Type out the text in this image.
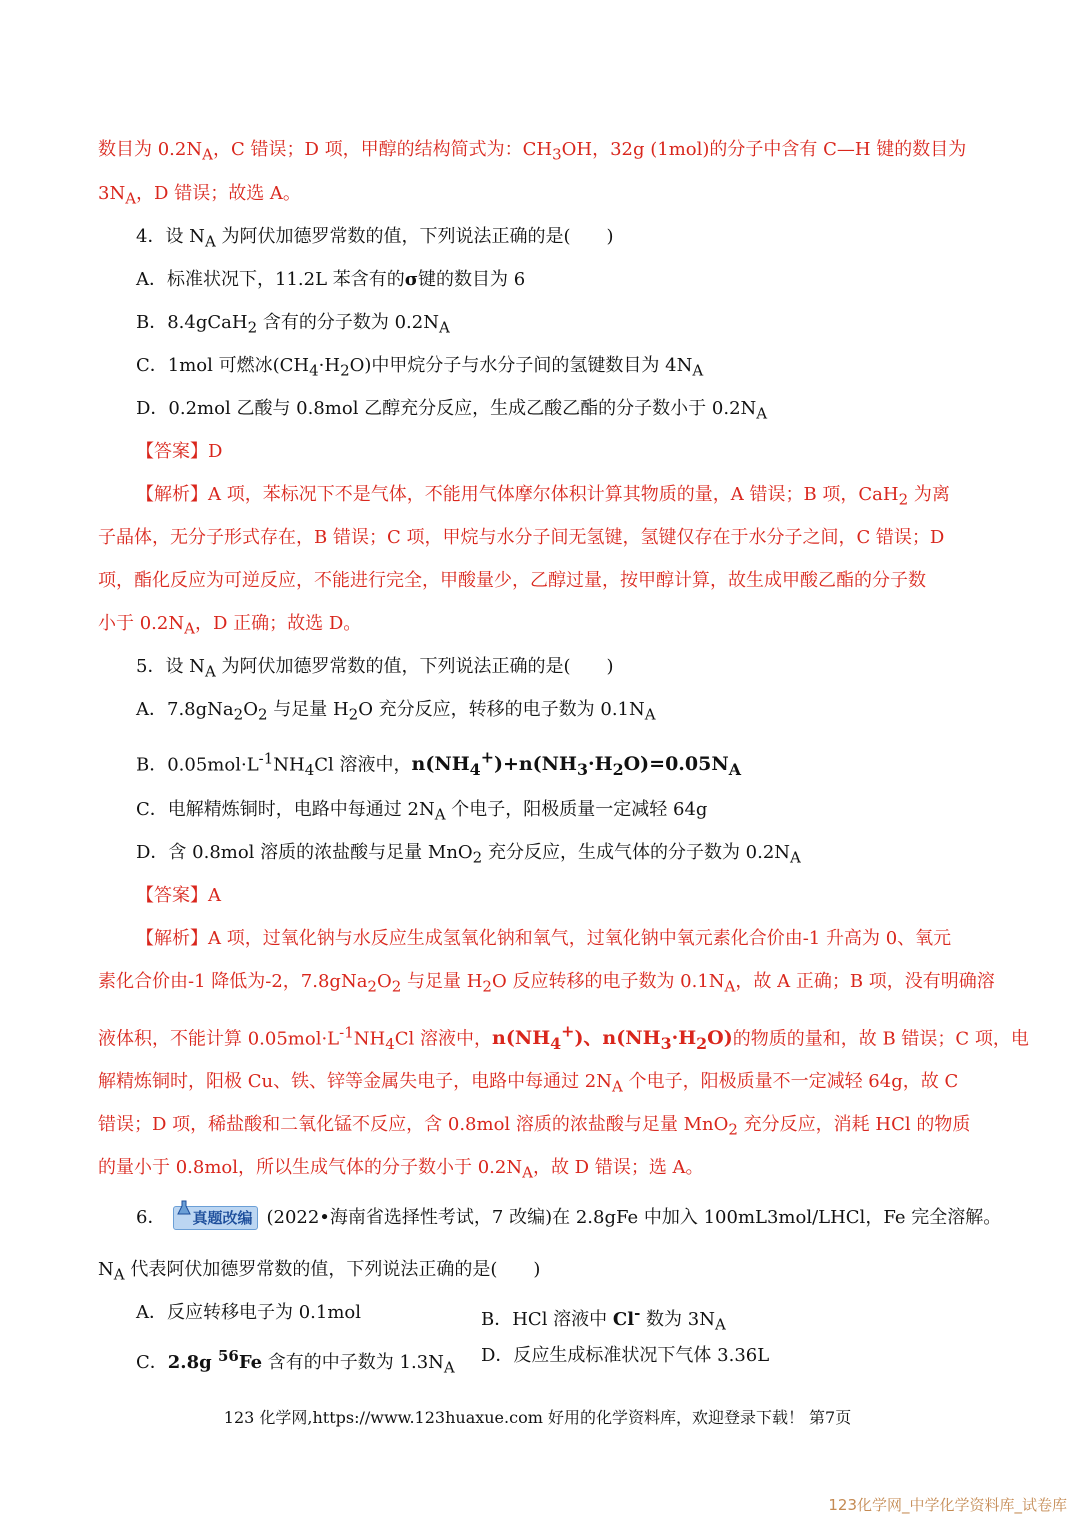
数目为 $0.2N_A$，C 错误；D 项，甲醇的结构简式为：$CH_3OH$，32g (1mol)的分子中含有 C—H 键的数目为
$3N_A$，D 错误；故选 A。
4．设 $N_A$ 为阿伏加德罗常数的值，下列说法正确的是(　　)
A．标准状况下，11.2L 苯含有的σ键的数目为 6
B．8.4gCaH$_2$ 含有的分子数为 $0.2N_A$
C．1mol 可燃冰$(CH_4\cdot H_2O)$中甲烷分子与水分子间的氢键数目为 $4N_A$
D．0.2mol 乙酸与 0.8mol 乙醇充分反应，生成乙酸乙酯的分子数小于 $0.2N_A$
【答案】D
【解析】A 项，苯标况下不是气体，不能用气体摩尔体积计算其物质的量，A 错误；B 项，CaH$_2$ 为离
子晶体，无分子形式存在，B 错误；C 项，甲烷与水分子间无氢键，氢键仅存在于水分子之间，C 错误；D
项，酯化反应为可逆反应，不能进行完全，甲酸量少，乙醇过量，按甲醇计算，故生成甲酸乙酯的分子数
小于 $0.2N_A$，D 正确；故选 D。
5．设 $N_A$ 为阿伏加德罗常数的值，下列说法正确的是(　　)
A．$7.8gNa_2O_2$ 与足量 $H_2O$ 充分反应，转移的电子数为 $0.1N_A$
B．$0.05mol\cdot L^{-1}NH_4Cl$ 溶液中，$n(NH_4^+)+n(NH_3\cdot H_2O)=0.05N_A$
C．电解精炼铜时，电路中每通过 $2N_A$ 个电子，阳极质量一定减轻 64g
D．含 0.8mol 溶质的浓盐酸与足量 MnO$_2$ 充分反应，生成气体的分子数为 $0.2N_A$
【答案】A
【解析】A 项，过氧化钠与水反应生成氢氧化钠和氧气，过氧化钠中氧元素化合价由-1 升高为 0、氧元
素化合价由-1 降低为-2，$7.8gNa_2O_2$ 与足量 $H_2O$ 反应转移的电子数为 $0.1N_A$，故 A 正确；B 项，没有明确溶
液体积，不能计算 $0.05mol\cdot L^{-1}NH_4Cl$ 溶液中，$n(NH_4^+)$、$n(NH_3\cdot H_2O)$的物质的量和，故 B 错误；C 项，电
解精炼铜时，阳极 Cu、铁、锌等金属失电子，电路中每通过 $2N_A$ 个电子，阳极质量不一定减轻 64g，故 C
错误；D 项，稀盐酸和二氧化锰不反应，含 0.8mol 溶质的浓盐酸与足量 MnO$_2$ 充分反应，消耗 HCl 的物质
的量小于 0.8mol，所以生成气体的分子数小于 $0.2N_A$，故 D 错误；选 A。
6． 真题改编 (2022•海南省选择性考试，7 改编)在 2.8gFe 中加入 100mL3mol/LHCl，Fe 完全溶解。
$N_A$ 代表阿伏加德罗常数的值，下列说法正确的是(　　)
A．反应转移电子为 0.1mol	B．HCl 溶液中 Cl- 数为 $3N_A$
C．2.8g $^{56}$Fe 含有的中子数为 $1.3N_A$
D．反应生成标准状况下气体 3.36L
123 化学网,https://www.123huaxue.com 好用的化学资料库，欢迎登录下载！ 第7页
123化学网_中学化学资料库_试卷库
